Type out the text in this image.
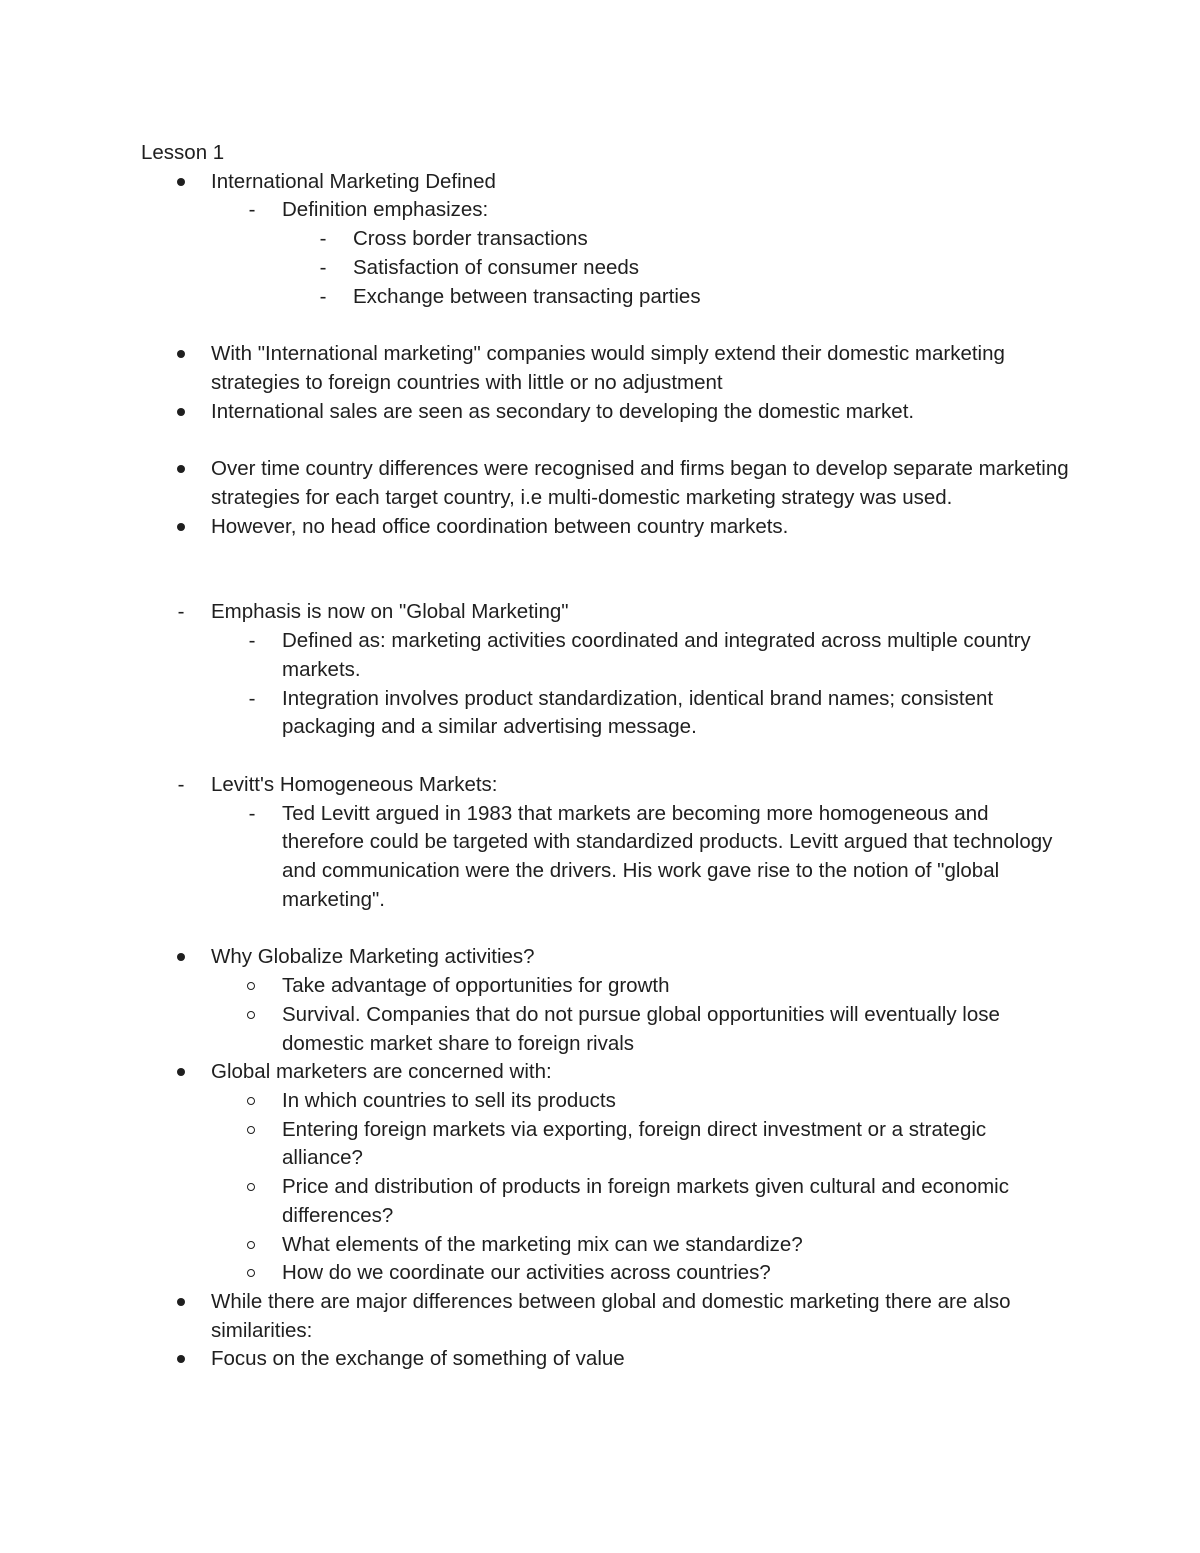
Lesson 1
International Marketing Defined
-	Definition emphasizes:
-	Cross border transactions
-	Satisfaction of consumer needs
-	Exchange between transacting parties
With "International marketing" companies would simply extend their domestic marketing strategies to foreign countries with little or no adjustment
International sales are seen as secondary to developing the domestic market.
Over time country differences were recognised and firms began to develop separate marketing strategies for each target country, i.e multi-domestic marketing strategy was used.
However, no head office coordination between country markets.
-	Emphasis is now on "Global Marketing"
-	Defined as: marketing activities coordinated and integrated across multiple country markets.
-	Integration involves product standardization, identical brand names; consistent packaging and a similar advertising message.
-	Levitt's Homogeneous Markets:
-	Ted Levitt argued in 1983 that markets are becoming more homogeneous and therefore could be targeted with standardized products. Levitt argued that technology and communication were the drivers. His work gave rise to the notion of "global marketing".
Why Globalize Marketing activities?
Take advantage of opportunities for growth
Survival. Companies that do not pursue global opportunities will eventually lose domestic market share to foreign rivals
Global marketers are concerned with:
In which countries to sell its products
Entering foreign markets via exporting, foreign direct investment or a strategic alliance?
Price and distribution of products in foreign markets given cultural and economic differences?
What elements of the marketing mix can we standardize?
How do we coordinate our activities across countries?
While there are major differences between global and domestic marketing there are also similarities:
Focus on the exchange of something of value
